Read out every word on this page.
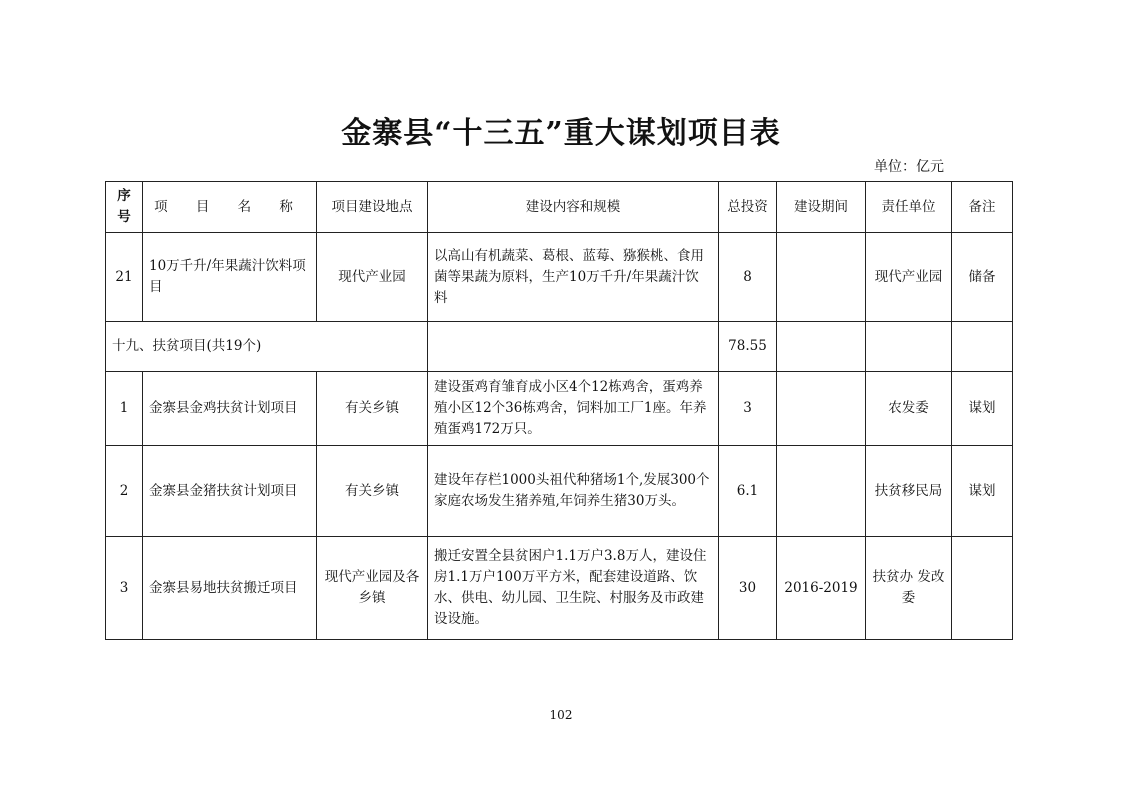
金寨县“十三五”重大谋划项目表
单位：亿元
序号	项 目 名 称	项目建设地点	建设内容和规模	总投资	建设期间	责任单位	备注
21	10万千升/年果蔬汁饮料项目	现代产业园	以高山有机蔬菜、葛根、蓝莓、猕猴桃、食用菌等果蔬为原料，生产10万千升/年果蔬汁饮料	8		现代产业园	储备
十九、扶贫项目(共19个)				78.55			
1	金寨县金鸡扶贫计划项目	有关乡镇	建设蛋鸡育雏育成小区4个12栋鸡舍，蛋鸡养殖小区12个36栋鸡舍，饲料加工厂1座。年养殖蛋鸡172万只。	3		农发委	谋划
2	金寨县金猪扶贫计划项目	有关乡镇	建设年存栏1000头祖代种猪场1个,发展300个家庭农场发生猪养殖,年饲养生猪30万头。	6.1		扶贫移民局	谋划
3	金寨县易地扶贫搬迁项目	现代产业园及各乡镇	搬迁安置全县贫困户1.1万户3.8万人，建设住房1.1万户100万平方米，配套建设道路、饮水、供电、幼儿园、卫生院、村服务及市政建设设施。	30	2016-2019	扶贫办 发改委	
102
